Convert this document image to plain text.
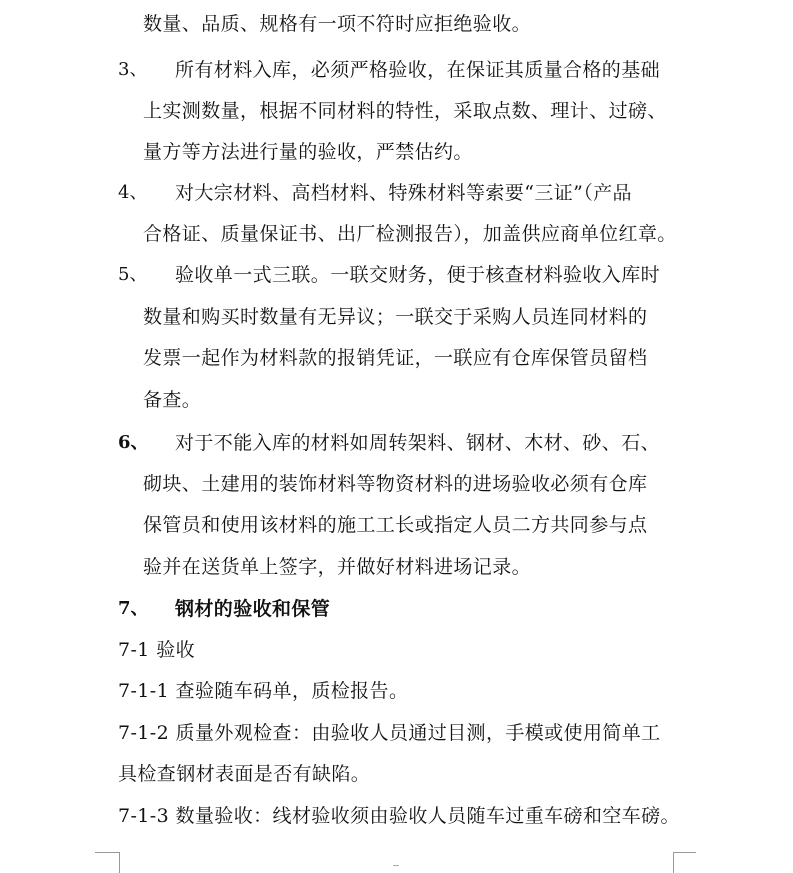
数量、品质、规格有一项不符时应拒绝验收。
3、 所有材料入库，必须严格验收，在保证其质量合格的基础
上实测数量，根据不同材料的特性，采取点数、理计、过磅、
量方等方法进行量的验收，严禁估约。
4、 对大宗材料、高档材料、特殊材料等索要“三证”（产品
合格证、质量保证书、出厂检测报告），加盖供应商单位红章。
5、 验收单一式三联。一联交财务，便于核查材料验收入库时
数量和购买时数量有无异议；一联交于采购人员连同材料的
发票一起作为材料款的报销凭证，一联应有仓库保管员留档
备查。
6、 对于不能入库的材料如周转架料、钢材、木材、砂、石、
砌块、土建用的装饰材料等物资材料的进场验收必须有仓库
保管员和使用该材料的施工工长或指定人员二方共同参与点
验并在送货单上签字，并做好材料进场记录。
7、 钢材的验收和保管
7-1 验收
7-1-1 查验随车码单，质检报告。
7-1-2 质量外观检查：由验收人员通过目测，手模或使用简单工
具检查钢材表面是否有缺陷。
7-1-3 数量验收：线材验收须由验收人员随车过重车磅和空车磅。
